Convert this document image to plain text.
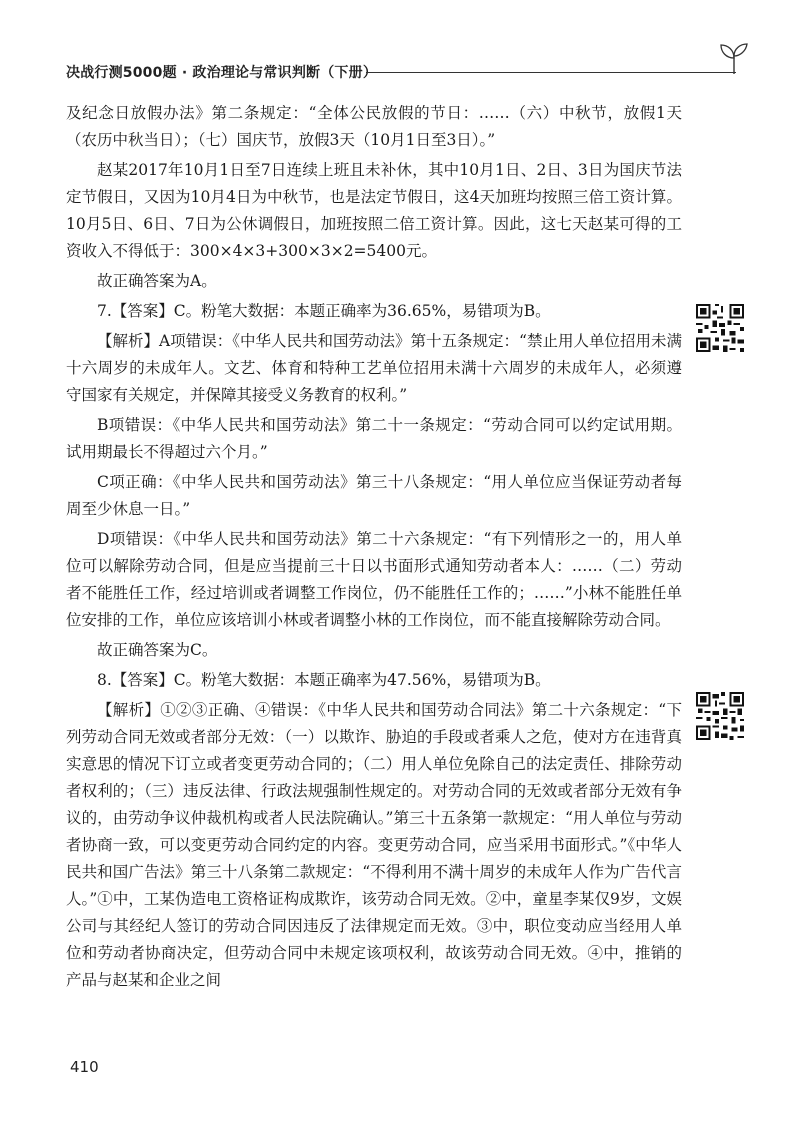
决战行测5000题 · 政治理论与常识判断（下册）

及纪念日放假办法》第二条规定：“全体公民放假的节日：……（六）中秋节，放假1天（农历中秋当日）；（七）国庆节，放假3天（10月1日至3日）。”

赵某2017年10月1日至7日连续上班且未补休，其中10月1日、2日、3日为国庆节法定节假日，又因为10月4日为中秋节，也是法定节假日，这4天加班均按照三倍工资计算。10月5日、6日、7日为公休调假日，加班按照二倍工资计算。因此，这七天赵某可得的工资收入不得低于：300×4×3+300×3×2=5400元。

故正确答案为A。

7.【答案】C。粉笔大数据：本题正确率为36.65%，易错项为B。

【解析】A项错误：《中华人民共和国劳动法》第十五条规定：“禁止用人单位招用未满十六周岁的未成年人。文艺、体育和特种工艺单位招用未满十六周岁的未成年人，必须遵守国家有关规定，并保障其接受义务教育的权利。”

B项错误：《中华人民共和国劳动法》第二十一条规定：“劳动合同可以约定试用期。试用期最长不得超过六个月。”

C项正确：《中华人民共和国劳动法》第三十八条规定：“用人单位应当保证劳动者每周至少休息一日。”

D项错误：《中华人民共和国劳动法》第二十六条规定：“有下列情形之一的，用人单位可以解除劳动合同，但是应当提前三十日以书面形式通知劳动者本人：……（二）劳动者不能胜任工作，经过培训或者调整工作岗位，仍不能胜任工作的；……”小林不能胜任单位安排的工作，单位应该培训小林或者调整小林的工作岗位，而不能直接解除劳动合同。

故正确答案为C。

8.【答案】C。粉笔大数据：本题正确率为47.56%，易错项为B。

【解析】①②③正确、④错误：《中华人民共和国劳动合同法》第二十六条规定：“下列劳动合同无效或者部分无效：（一）以欺诈、胁迫的手段或者乘人之危，使对方在违背真实意思的情况下订立或者变更劳动合同的；（二）用人单位免除自己的法定责任、排除劳动者权利的；（三）违反法律、行政法规强制性规定的。对劳动合同的无效或者部分无效有争议的，由劳动争议仲裁机构或者人民法院确认。”第三十五条第一款规定：“用人单位与劳动者协商一致，可以变更劳动合同约定的内容。变更劳动合同，应当采用书面形式。”《中华人民共和国广告法》第三十八条第二款规定：“不得利用不满十周岁的未成年人作为广告代言人。”①中，工某伪造电工资格证构成欺诈，该劳动合同无效。②中，童星李某仅9岁，文娱公司与其经纪人签订的劳动合同因违反了法律规定而无效。③中，职位变动应当经用人单位和劳动者协商决定，但劳动合同中未规定该项权利，故该劳动合同无效。④中，推销的产品与赵某和企业之间

410
